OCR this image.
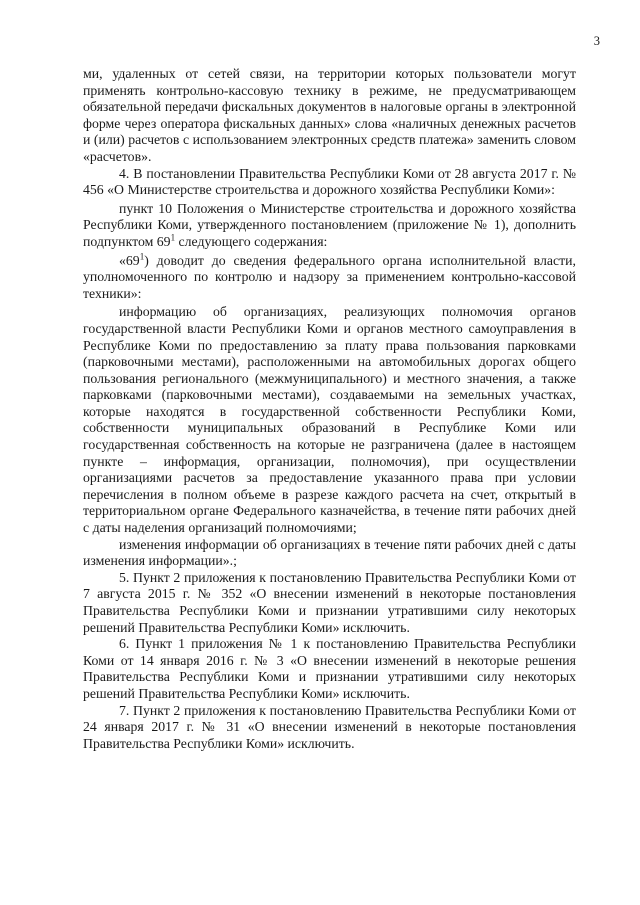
3

ми, удаленных от сетей связи, на территории которых пользователи могут применять контрольно-кассовую технику в режиме, не предусматривающем обязательной передачи фискальных документов в налоговые органы в электронной форме через оператора фискальных данных» слова «наличных денежных расчетов и (или) расчетов с использованием электронных средств платежа» заменить словом «расчетов».

4. В постановлении Правительства Республики Коми от 28 августа 2017 г. № 456 «О Министерстве строительства и дорожного хозяйства Республики Коми»:

пункт 10 Положения о Министерстве строительства и дорожного хозяйства Республики Коми, утвержденного постановлением (приложение № 1), дополнить подпунктом $69^1$ следующего содержания:

«$69^1$) доводит до сведения федерального органа исполнительной власти, уполномоченного по контролю и надзору за применением контрольно-кассовой техники»:

информацию об организациях, реализующих полномочия органов государственной власти Республики Коми и органов местного самоуправления в Республике Коми по предоставлению за плату права пользования парковками (парковочными местами), расположенными на автомобильных дорогах общего пользования регионального (межмуниципального) и местного значения, а также парковками (парковочными местами), создаваемыми на земельных участках, которые находятся в государственной собственности Республики Коми, собственности муниципальных образований в Республике Коми или государственная собственность на которые не разграничена (далее в настоящем пункте – информация, организации, полномочия), при осуществлении организациями расчетов за предоставление указанного права при условии перечисления в полном объеме в разрезе каждого расчета на счет, открытый в территориальном органе Федерального казначейства, в течение пяти рабочих дней с даты наделения организаций полномочиями;

изменения информации об организациях в течение пяти рабочих дней с даты изменения информации».;

5. Пункт 2 приложения к постановлению Правительства Республики Коми от 7 августа 2015 г. № 352 «О внесении изменений в некоторые постановления Правительства Республики Коми и признании утратившими силу некоторых решений Правительства Республики Коми» исключить.

6. Пункт 1 приложения № 1 к постановлению Правительства Республики Коми от 14 января 2016 г. № 3 «О внесении изменений в некоторые решения Правительства Республики Коми и признании утратившими силу некоторых решений Правительства Республики Коми» исключить.

7. Пункт 2 приложения к постановлению Правительства Республики Коми от 24 января 2017 г. № 31 «О внесении изменений в некоторые постановления Правительства Республики Коми» исключить.
